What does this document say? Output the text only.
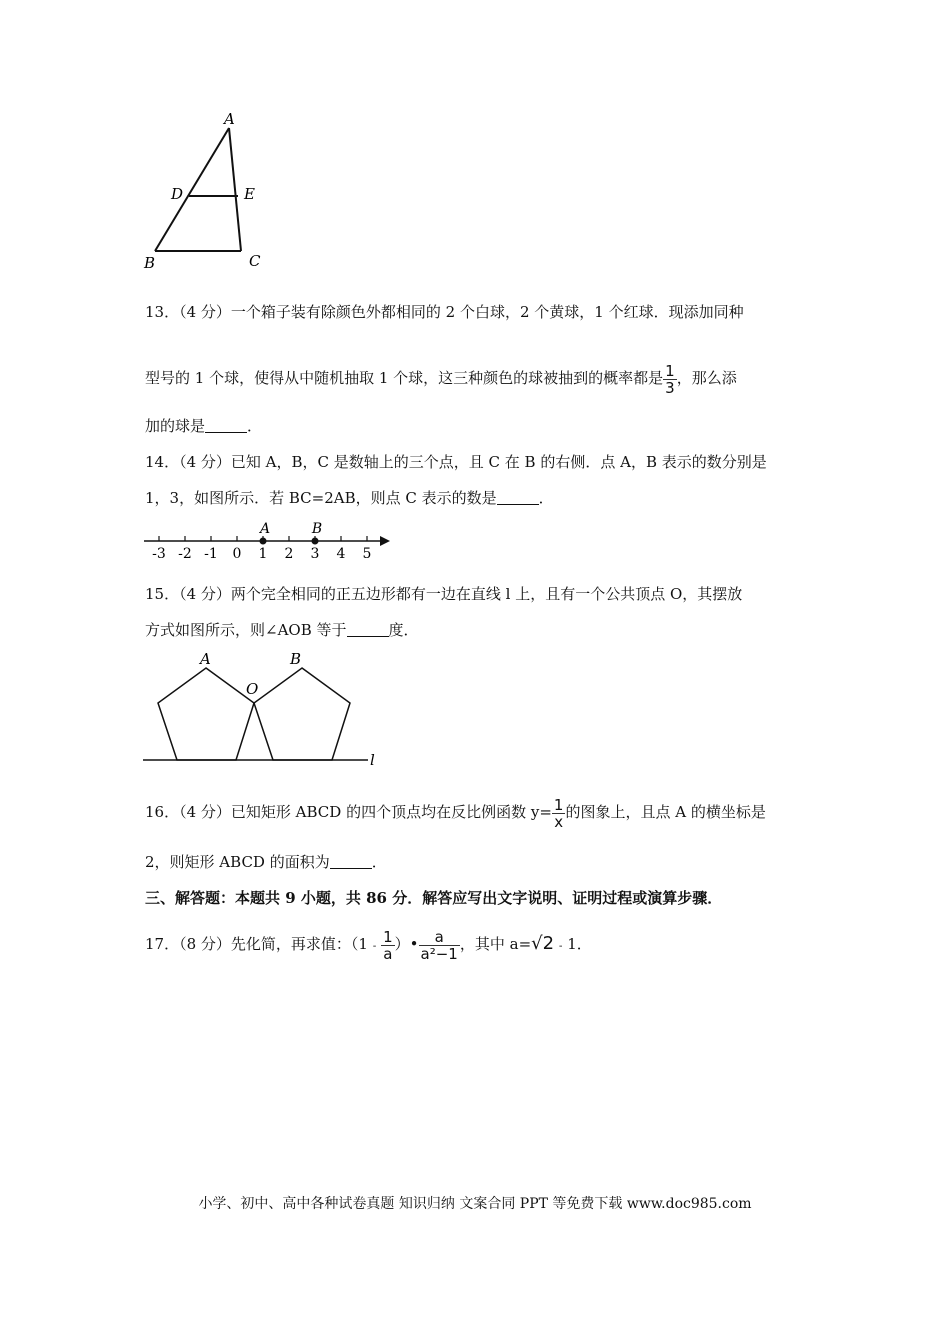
A
D	E
B	C
13．（4 分）一个箱子装有除颜色外都相同的 2 个白球，2 个黄球，1 个红球．现添加同种
型号的 1 个球，使得从中随机抽取 1 个球，这三种颜色的球被抽到的概率都是 $\frac{1}{3}$ ，那么添
加的球是	．
14．（4 分）已知 A，B，C 是数轴上的三个点，且 C 在 B 的右侧．点 A，B 表示的数分别是
1，3，如图所示．若 BC=2AB，则点 C 表示的数是	．
-3 -2 -1 0 1 2 3 4 5
A	B
15．（4 分）两个完全相同的正五边形都有一边在直线 l 上，且有一个公共顶点 O，其摆放
方式如图所示，则∠AOB 等于	度．
A	B
O
l
16．（4 分）已知矩形 ABCD 的四个顶点均在反比例函数 $y= \frac{1}{x}$ 的图象上，且点 A 的横坐标是
2，则矩形 ABCD 的面积为	．
三、解答题：本题共 9 小题，共 86 分．解答应写出文字说明、证明过程或演算步骤．
17．（8 分）先化简，再求值：（$1 - \frac{1}{a}$ ）• $\frac{a}{\text{a²−1}}$ ，其中 a=√2 - 1．
小学、初中、高中各种试卷真题 知识归纳 文案合同 PPT 等免费下载 www.doc985.com
